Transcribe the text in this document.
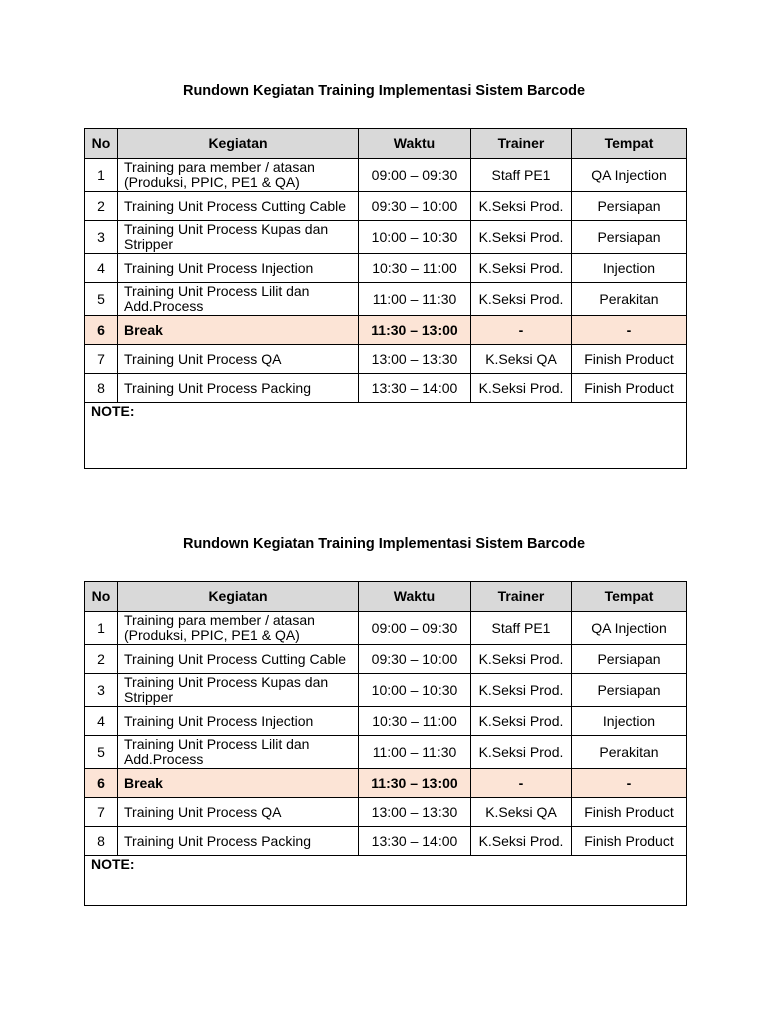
Rundown Kegiatan Training Implementasi Sistem Barcode
No	Kegiatan	Waktu	Trainer	Tempat
1	Training para member / atasan
(Produksi, PPIC, PE1 & QA)	09:00 – 09:30	Staff PE1	QA Injection
2	Training Unit Process Cutting Cable	09:30 – 10:00	K.Seksi Prod.	Persiapan
3	Training Unit Process Kupas dan
Stripper	10:00 – 10:30	K.Seksi Prod.	Persiapan
4	Training Unit Process Injection	10:30 – 11:00	K.Seksi Prod.	Injection
5	Training Unit Process Lilit dan
Add.Process	11:00 – 11:30	K.Seksi Prod.	Perakitan
6	Break	11:30 – 13:00	-	-
7	Training Unit Process QA	13:00 – 13:30	K.Seksi QA	Finish Product
8	Training Unit Process Packing	13:30 – 14:00	K.Seksi Prod.	Finish Product
NOTE:				
Rundown Kegiatan Training Implementasi Sistem Barcode
No	Kegiatan	Waktu	Trainer	Tempat
1	Training para member / atasan
(Produksi, PPIC, PE1 & QA)	09:00 – 09:30	Staff PE1	QA Injection
2	Training Unit Process Cutting Cable	09:30 – 10:00	K.Seksi Prod.	Persiapan
3	Training Unit Process Kupas dan
Stripper	10:00 – 10:30	K.Seksi Prod.	Persiapan
4	Training Unit Process Injection	10:30 – 11:00	K.Seksi Prod.	Injection
5	Training Unit Process Lilit dan
Add.Process	11:00 – 11:30	K.Seksi Prod.	Perakitan
6	Break	11:30 – 13:00	-	-
7	Training Unit Process QA	13:00 – 13:30	K.Seksi QA	Finish Product
8	Training Unit Process Packing	13:30 – 14:00	K.Seksi Prod.	Finish Product
NOTE:				
